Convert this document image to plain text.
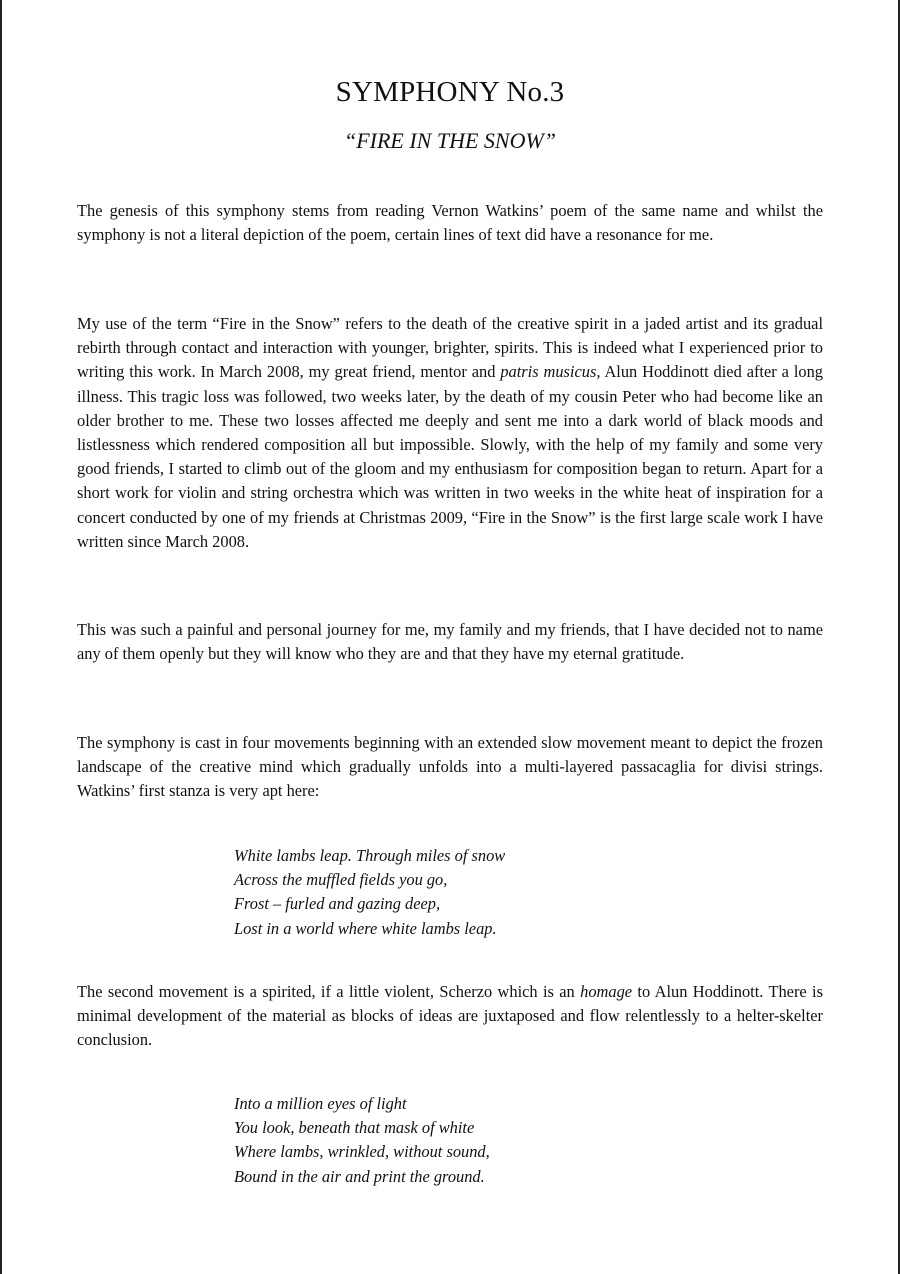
SYMPHONY No.3
“FIRE IN THE SNOW”

The genesis of this symphony stems from reading Vernon Watkins’ poem of the same name and whilst the symphony is not a literal depiction of the poem, certain lines of text did have a resonance for me.

My use of the term “Fire in the Snow” refers to the death of the creative spirit in a jaded artist and its gradual rebirth through contact and interaction with younger, brighter, spirits. This is indeed what I experienced prior to writing this work. In March 2008, my great friend, mentor and patris musicus, Alun Hoddinott died after a long illness. This tragic loss was followed, two weeks later, by the death of my cousin Peter who had become like an older brother to me. These two losses affected me deeply and sent me into a dark world of black moods and listlessness which rendered composition all but impossible. Slowly, with the help of my family and some very good friends, I started to climb out of the gloom and my enthusiasm for composition began to return. Apart for a short work for violin and string orchestra which was written in two weeks in the white heat of inspiration for a concert conducted by one of my friends at Christmas 2009, “Fire in the Snow” is the first large scale work I have written since March 2008.

This was such a painful and personal journey for me, my family and my friends, that I have decided not to name any of them openly but they will know who they are and that they have my eternal gratitude.

The symphony is cast in four movements beginning with an extended slow movement meant to depict the frozen landscape of the creative mind which gradually unfolds into a multi-layered passacaglia for divisi strings. Watkins’ first stanza is very apt here:

White lambs leap. Through miles of snow
Across the muffled fields you go,
Frost – furled and gazing deep,
Lost in a world where white lambs leap.

The second movement is a spirited, if a little violent, Scherzo which is an homage to Alun Hoddinott. There is minimal development of the material as blocks of ideas are juxtaposed and flow relentlessly to a helter-skelter conclusion.

Into a million eyes of light
You look, beneath that mask of white
Where lambs, wrinkled, without sound,
Bound in the air and print the ground.
